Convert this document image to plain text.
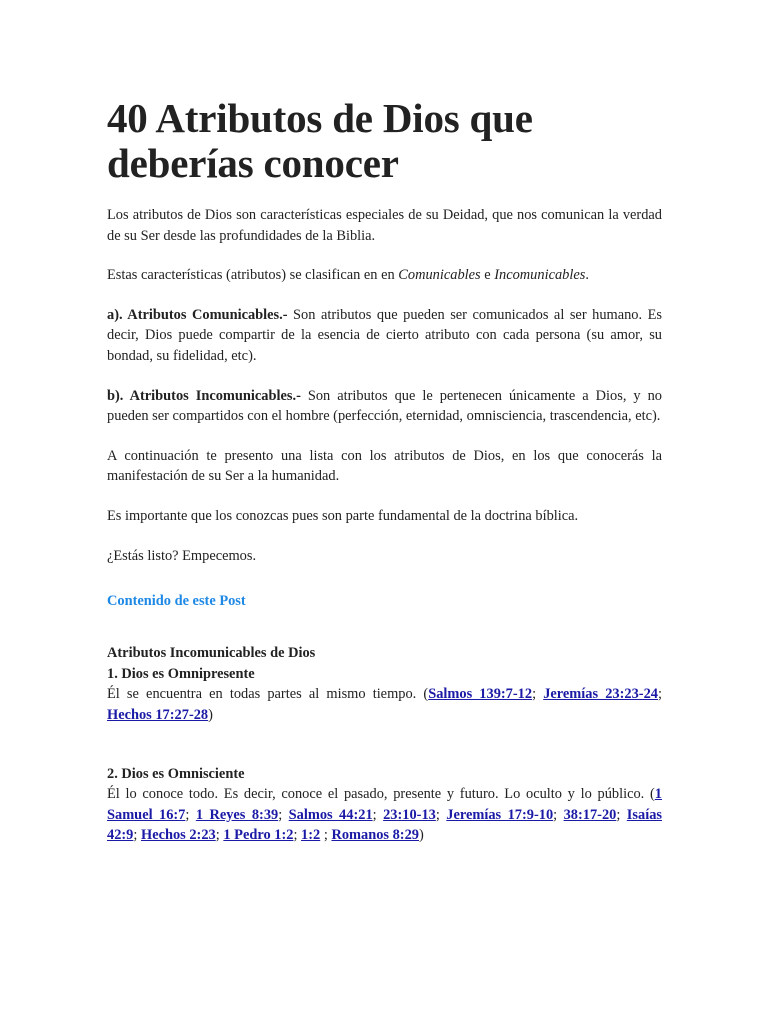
40 Atributos de Dios que deberías conocer

Los atributos de Dios son características especiales de su Deidad, que nos comunican la verdad de su Ser desde las profundidades de la Biblia.

Estas características (atributos) se clasifican en en Comunicables e Incomunicables.

a). Atributos Comunicables.- Son atributos que pueden ser comunicados al ser humano. Es decir, Dios puede compartir de la esencia de cierto atributo con cada persona (su amor, su bondad, su fidelidad, etc).

b). Atributos Incomunicables.- Son atributos que le pertenecen únicamente a Dios, y no pueden ser compartidos con el hombre (perfección, eternidad, omnisciencia, trascendencia, etc).

A continuación te presento una lista con los atributos de Dios, en los que conocerás la manifestación de su Ser a la humanidad.

Es importante que los conozcas pues son parte fundamental de la doctrina bíblica.

¿Estás listo? Empecemos.

Contenido de este Post

Atributos Incomunicables de Dios

1. Dios es Omnipresente

Él se encuentra en todas partes al mismo tiempo. (Salmos 139:7-12; Jeremías 23:23-24; Hechos 17:27-28)

2. Dios es Omnisciente

Él lo conoce todo. Es decir, conoce el pasado, presente y futuro. Lo oculto y lo público. (1 Samuel 16:7; 1 Reyes 8:39; Salmos 44:21; 23:10-13; Jeremías 17:9-10; 38:17-20; Isaías 42:9; Hechos 2:23; 1 Pedro 1:2; 1:2 ; Romanos 8:29)
